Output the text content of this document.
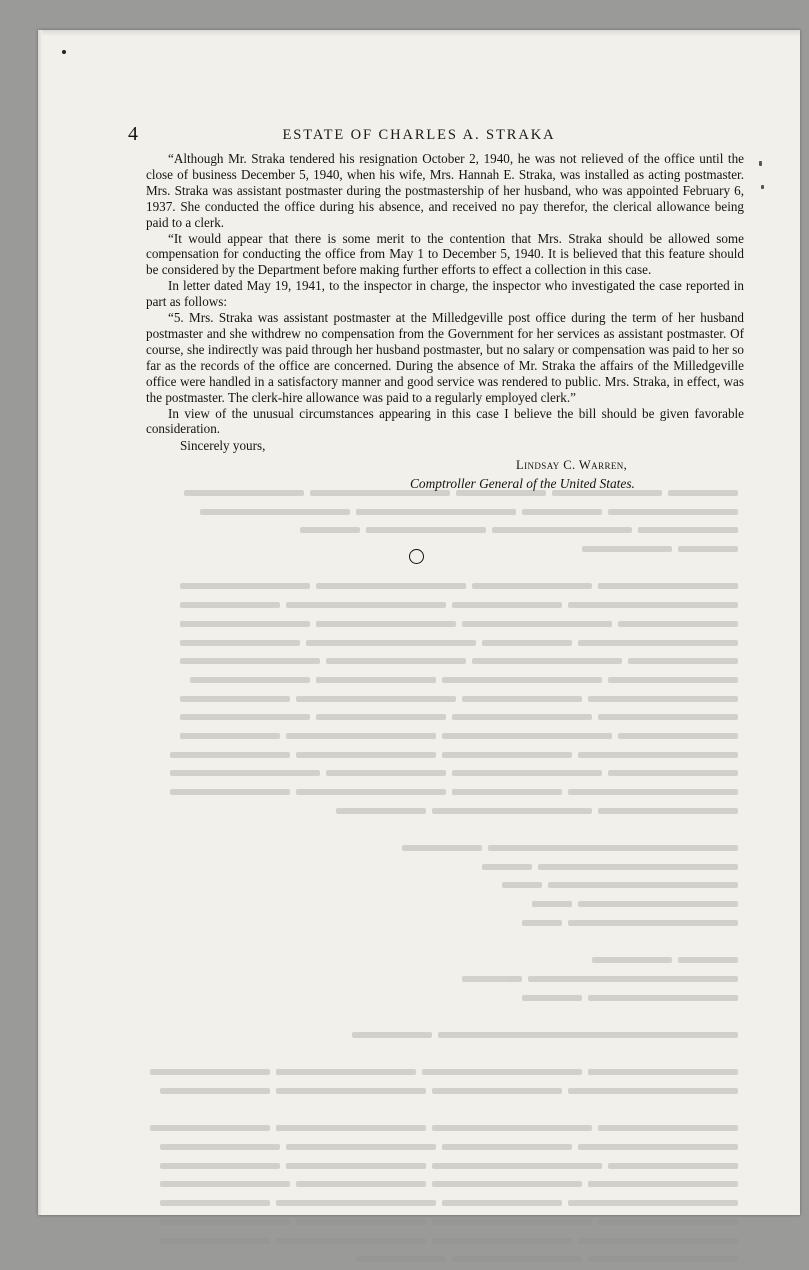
4	ESTATE OF CHARLES A. STRAKA

“Although Mr. Straka tendered his resignation October 2, 1940, he was not relieved of the office until the close of business December 5, 1940, when his wife, Mrs. Hannah E. Straka, was installed as acting postmaster. Mrs. Straka was assistant postmaster during the postmastership of her husband, who was appointed February 6, 1937. She conducted the office during his absence, and received no pay therefor, the clerical allowance being paid to a clerk.

“It would appear that there is some merit to the contention that Mrs. Straka should be allowed some compensation for conducting the office from May 1 to December 5, 1940. It is believed that this feature should be considered by the Department before making further efforts to effect a collection in this case.

In letter dated May 19, 1941, to the inspector in charge, the inspector who investigated the case reported in part as follows:

“5. Mrs. Straka was assistant postmaster at the Milledgeville post office during the term of her husband postmaster and she withdrew no compensation from the Government for her services as assistant postmaster. Of course, she indirectly was paid through her husband postmaster, but no salary or compensation was paid to her so far as the records of the office are concerned. During the absence of Mr. Straka the affairs of the Milledgeville office were handled in a satisfactory manner and good service was rendered to public. Mrs. Straka, in effect, was the postmaster. The clerk-hire allowance was paid to a regularly employed clerk.”

In view of the unusual circumstances appearing in this case I believe the bill should be given favorable consideration.

Sincerely yours,

Lindsay C. Warren,
Comptroller General of the United States.
